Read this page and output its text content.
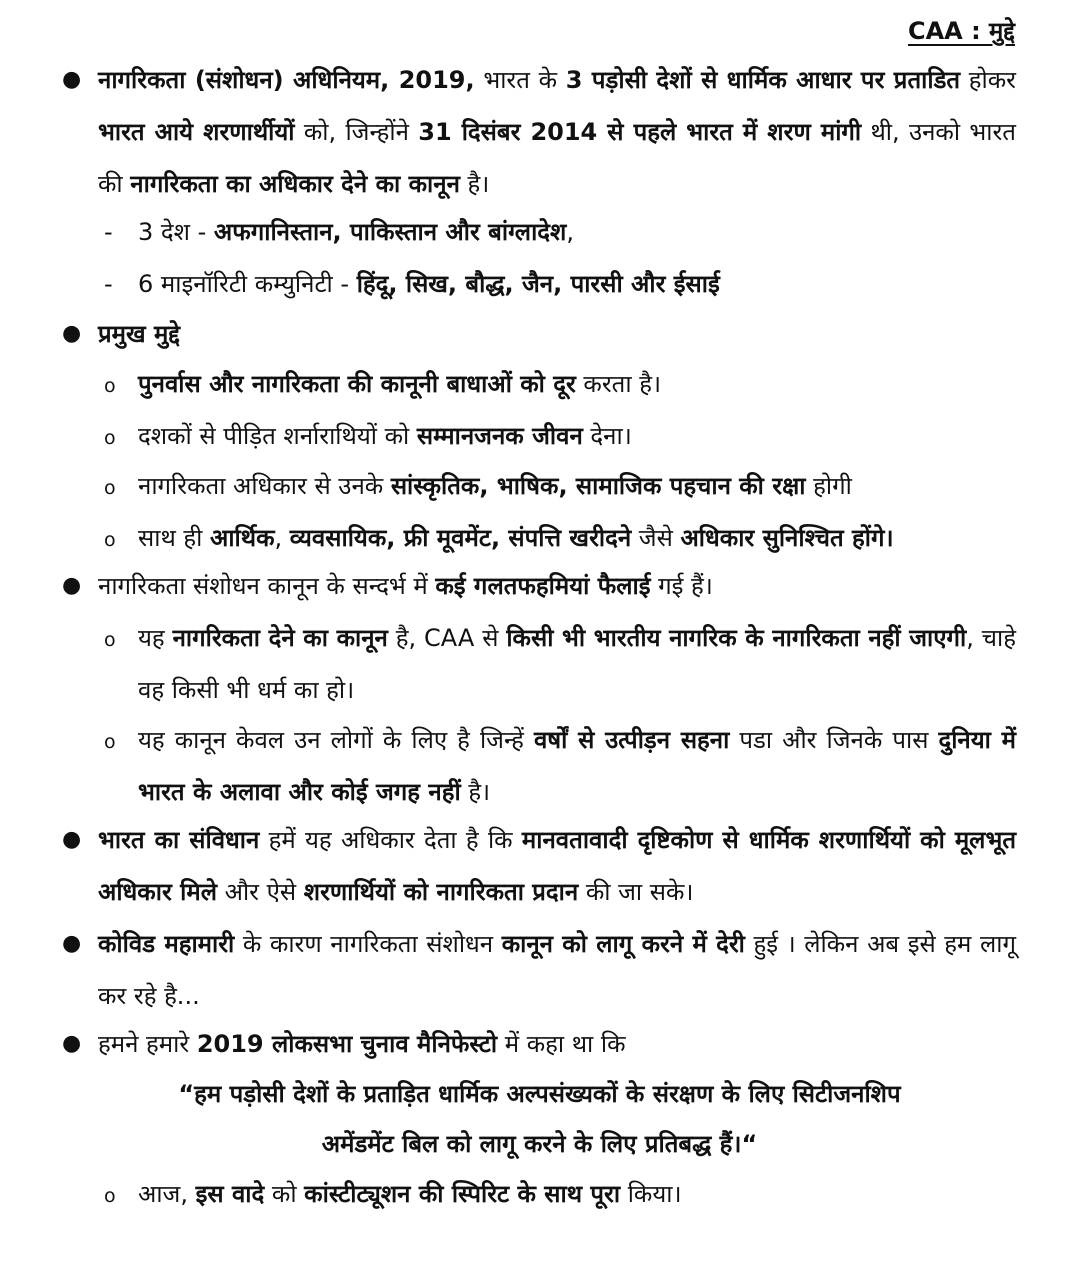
CAA : मुद्दे
● नागरिकता (संशोधन) अधिनियम, 2019, भारत के 3 पड़ोसी देशों से धार्मिक आधार पर प्रताडित होकर भारत आये शरणार्थीयों को, जिन्होंने 31 दिसंबर 2014 से पहले भारत में शरण मांगी थी, उनको भारत की नागरिकता का अधिकार देने का कानून है।

- 3 देश - अफगानिस्तान, पाकिस्तान और बांग्लादेश,

- 6 माइनॉरिटी कम्युनिटी - हिंदू, सिख, बौद्ध, जैन, पारसी और ईसाई

● प्रमुख मुद्दे

o पुनर्वास और नागरिकता की कानूनी बाधाओं को दूर करता है।

o दशकों से पीड़ित शर्नाराथियों को सम्मानजनक जीवन देना।

o नागरिकता अधिकार से उनके सांस्कृतिक, भाषिक, सामाजिक पहचान की रक्षा होगी

o साथ ही आर्थिक, व्यवसायिक, फ्री मूवमेंट, संपत्ति खरीदने जैसे अधिकार सुनिश्चित होंगे।

● नागरिकता संशोधन कानून के सन्दर्भ में कई गलतफहमियां फैलाई गई हैं।

o यह नागरिकता देने का कानून है, CAA से किसी भी भारतीय नागरिक के नागरिकता नहीं जाएगी, चाहे वह किसी भी धर्म का हो।

o यह कानून केवल उन लोगों के लिए है जिन्हें वर्षों से उत्पीड़न सहना पडा और जिनके पास दुनिया में भारत के अलावा और कोई जगह नहीं है।

● भारत का संविधान हमें यह अधिकार देता है कि मानवतावादी दृष्टिकोण से धार्मिक शरणार्थियों को मूलभूत अधिकार मिले और ऐसे शरणार्थियों को नागरिकता प्रदान की जा सके।

● कोविड महामारी के कारण नागरिकता संशोधन कानून को लागू करने में देरी हुई । लेकिन अब इसे हम लागू कर रहे है...

● हमने हमारे 2019 लोकसभा चुनाव मैनिफेस्टो में कहा था कि

“हम पड़ोसी देशों के प्रताड़ित धार्मिक अल्पसंख्यकों के संरक्षण के लिए सिटीजनशिप

अमेंडमेंट बिल को लागू करने के लिए प्रतिबद्ध हैं।“

o आज, इस वादे को कांस्टीट्यूशन की स्पिरिट के साथ पूरा किया।
